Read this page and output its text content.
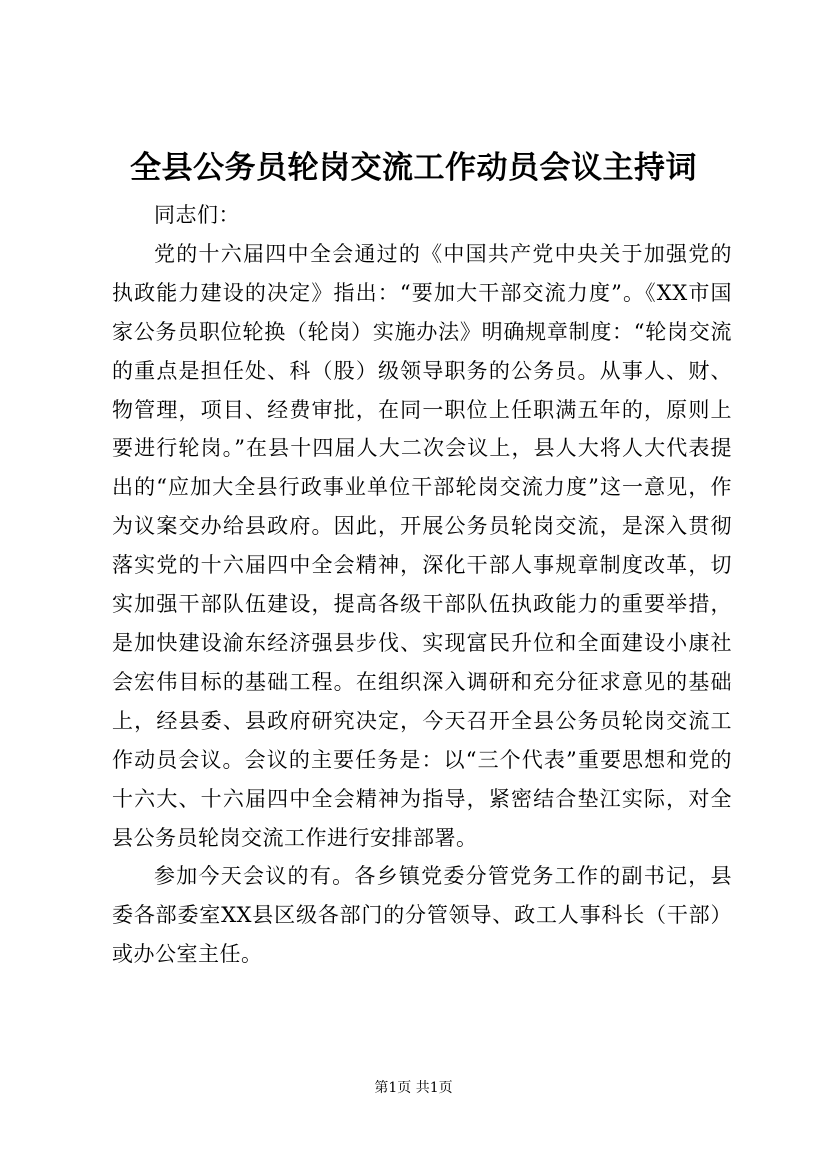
全县公务员轮岗交流工作动员会议主持词

同志们：

党的十六届四中全会通过的《中国共产党中央关于加强党的执政能力建设的决定》指出：“要加大干部交流力度”。《XX市国家公务员职位轮换（轮岗）实施办法》明确规章制度：“轮岗交流的重点是担任处、科（股）级领导职务的公务员。从事人、财、物管理，项目、经费审批，在同一职位上任职满五年的，原则上要进行轮岗。”在县十四届人大二次会议上，县人大将人大代表提出的“应加大全县行政事业单位干部轮岗交流力度”这一意见，作为议案交办给县政府。因此，开展公务员轮岗交流，是深入贯彻落实党的十六届四中全会精神，深化干部人事规章制度改革，切实加强干部队伍建设，提高各级干部队伍执政能力的重要举措，是加快建设渝东经济强县步伐、实现富民升位和全面建设小康社会宏伟目标的基础工程。在组织深入调研和充分征求意见的基础上，经县委、县政府研究决定，今天召开全县公务员轮岗交流工作动员会议。会议的主要任务是：以“三个代表”重要思想和党的十六大、十六届四中全会精神为指导，紧密结合垫江实际，对全县公务员轮岗交流工作进行安排部署。

参加今天会议的有。各乡镇党委分管党务工作的副书记，县委各部委室XX县区级各部门的分管领导、政工人事科长（干部）或办公室主任。

第1页 共1页
